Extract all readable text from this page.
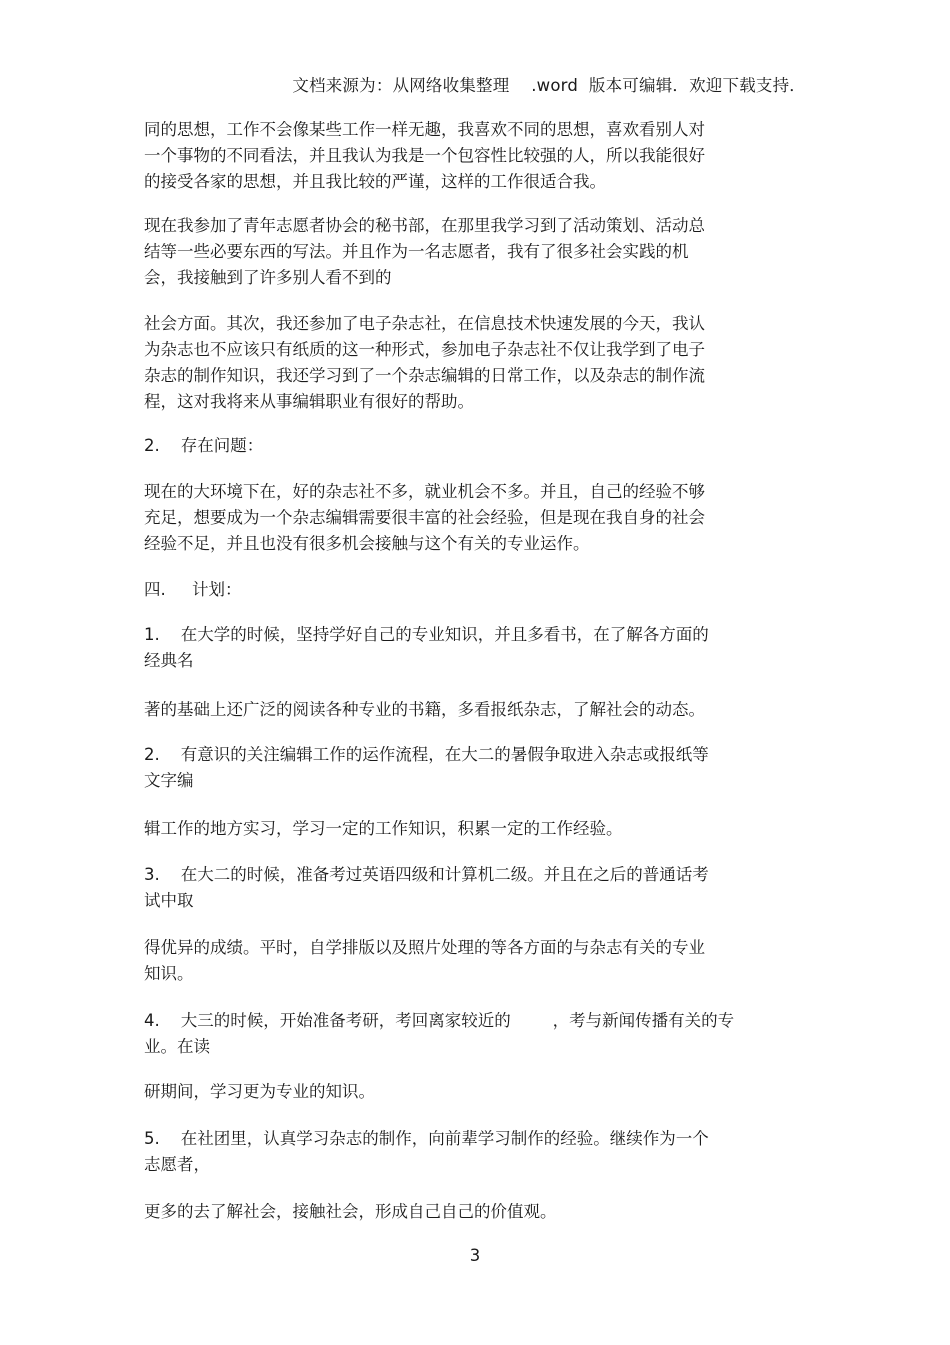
文档来源为：从网络收集整理    .word  版本可编辑．欢迎下载支持．
同的思想，工作不会像某些工作一样无趣，我喜欢不同的思想，喜欢看别人对
一个事物的不同看法，并且我认为我是一个包容性比较强的人，所以我能很好
的接受各家的思想，并且我比较的严谨，这样的工作很适合我。
现在我参加了青年志愿者协会的秘书部，在那里我学习到了活动策划、活动总
结等一些必要东西的写法。并且作为一名志愿者，我有了很多社会实践的机
会，我接触到了许多别人看不到的
社会方面。其次，我还参加了电子杂志社，在信息技术快速发展的今天，我认
为杂志也不应该只有纸质的这一种形式，参加电子杂志社不仅让我学到了电子
杂志的制作知识，我还学习到了一个杂志编辑的日常工作，以及杂志的制作流
程，这对我将来从事编辑职业有很好的帮助。
2.    存在问题：
现在的大环境下在，好的杂志社不多，就业机会不多。并且，自己的经验不够
充足，想要成为一个杂志编辑需要很丰富的社会经验，但是现在我自身的社会
经验不足，并且也没有很多机会接触与这个有关的专业运作。
四.     计划：
1.    在大学的时候，坚持学好自己的专业知识，并且多看书，在了解各方面的
经典名
著的基础上还广泛的阅读各种专业的书籍，多看报纸杂志，了解社会的动态。
2.    有意识的关注编辑工作的运作流程，在大二的暑假争取进入杂志或报纸等
文字编
辑工作的地方实习，学习一定的工作知识，积累一定的工作经验。
3.    在大二的时候，准备考过英语四级和计算机二级。并且在之后的普通话考
试中取
得优异的成绩。平时，自学排版以及照片处理的等各方面的与杂志有关的专业
知识。
4.    大三的时候，开始准备考研，考回离家较近的        ，考与新闻传播有关的专
业。在读
研期间，学习更为专业的知识。
5.    在社团里，认真学习杂志的制作，向前辈学习制作的经验。继续作为一个
志愿者，
更多的去了解社会，接触社会，形成自己自己的价值观。
3
